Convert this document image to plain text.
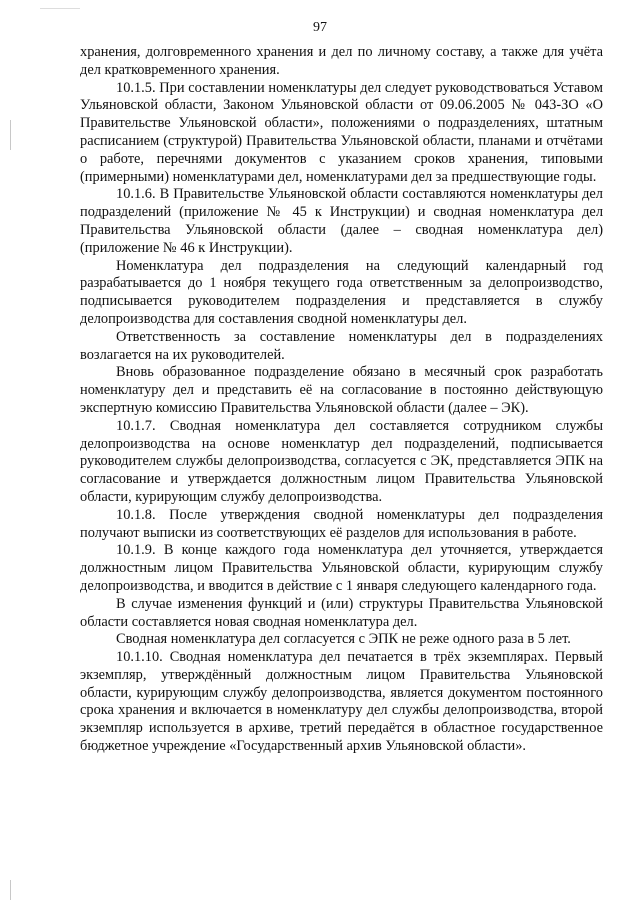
97

хранения, долговременного хранения и дел по личному составу, а также для учёта дел кратковременного хранения.

10.1.5. При составлении номенклатуры дел следует руководствоваться Уставом Ульяновской области, Законом Ульяновской области от 09.06.2005 № 043-ЗО «О Правительстве Ульяновской области», положениями о подразделениях, штатным расписанием (структурой) Правительства Ульяновской области, планами и отчётами о работе, перечнями документов с указанием сроков хранения, типовыми (примерными) номенклатурами дел, номенклатурами дел за предшествующие годы.

10.1.6. В Правительстве Ульяновской области составляются номенклатуры дел подразделений (приложение № 45 к Инструкции) и сводная номенклатура дел Правительства Ульяновской области (далее – сводная номенклатура дел) (приложение № 46 к Инструкции).

Номенклатура дел подразделения на следующий календарный год разрабатывается до 1 ноября текущего года ответственным за делопроизводство, подписывается руководителем подразделения и представляется в службу делопроизводства для составления сводной номенклатуры дел.

Ответственность за составление номенклатуры дел в подразделениях возлагается на их руководителей.

Вновь образованное подразделение обязано в месячный срок разработать номенклатуру дел и представить её на согласование в постоянно действующую экспертную комиссию Правительства Ульяновской области (далее – ЭК).

10.1.7. Сводная номенклатура дел составляется сотрудником службы делопроизводства на основе номенклатур дел подразделений, подписывается руководителем службы делопроизводства, согласуется с ЭК, представляется ЭПК на согласование и утверждается должностным лицом Правительства Ульяновской области, курирующим службу делопроизводства.

10.1.8. После утверждения сводной номенклатуры дел подразделения получают выписки из соответствующих её разделов для использования в работе.

10.1.9. В конце каждого года номенклатура дел уточняется, утверждается должностным лицом Правительства Ульяновской области, курирующим службу делопроизводства, и вводится в действие с 1 января следующего календарного года.

В случае изменения функций и (или) структуры Правительства Ульяновской области составляется новая сводная номенклатура дел.

Сводная номенклатура дел согласуется с ЭПК не реже одного раза в 5 лет.

10.1.10. Сводная номенклатура дел печатается в трёх экземплярах. Первый экземпляр, утверждённый должностным лицом Правительства Ульяновской области, курирующим службу делопроизводства, является документом постоянного срока хранения и включается в номенклатуру дел службы делопроизводства, второй экземпляр используется в архиве, третий передаётся в областное государственное бюджетное учреждение «Государственный архив Ульяновской области».
